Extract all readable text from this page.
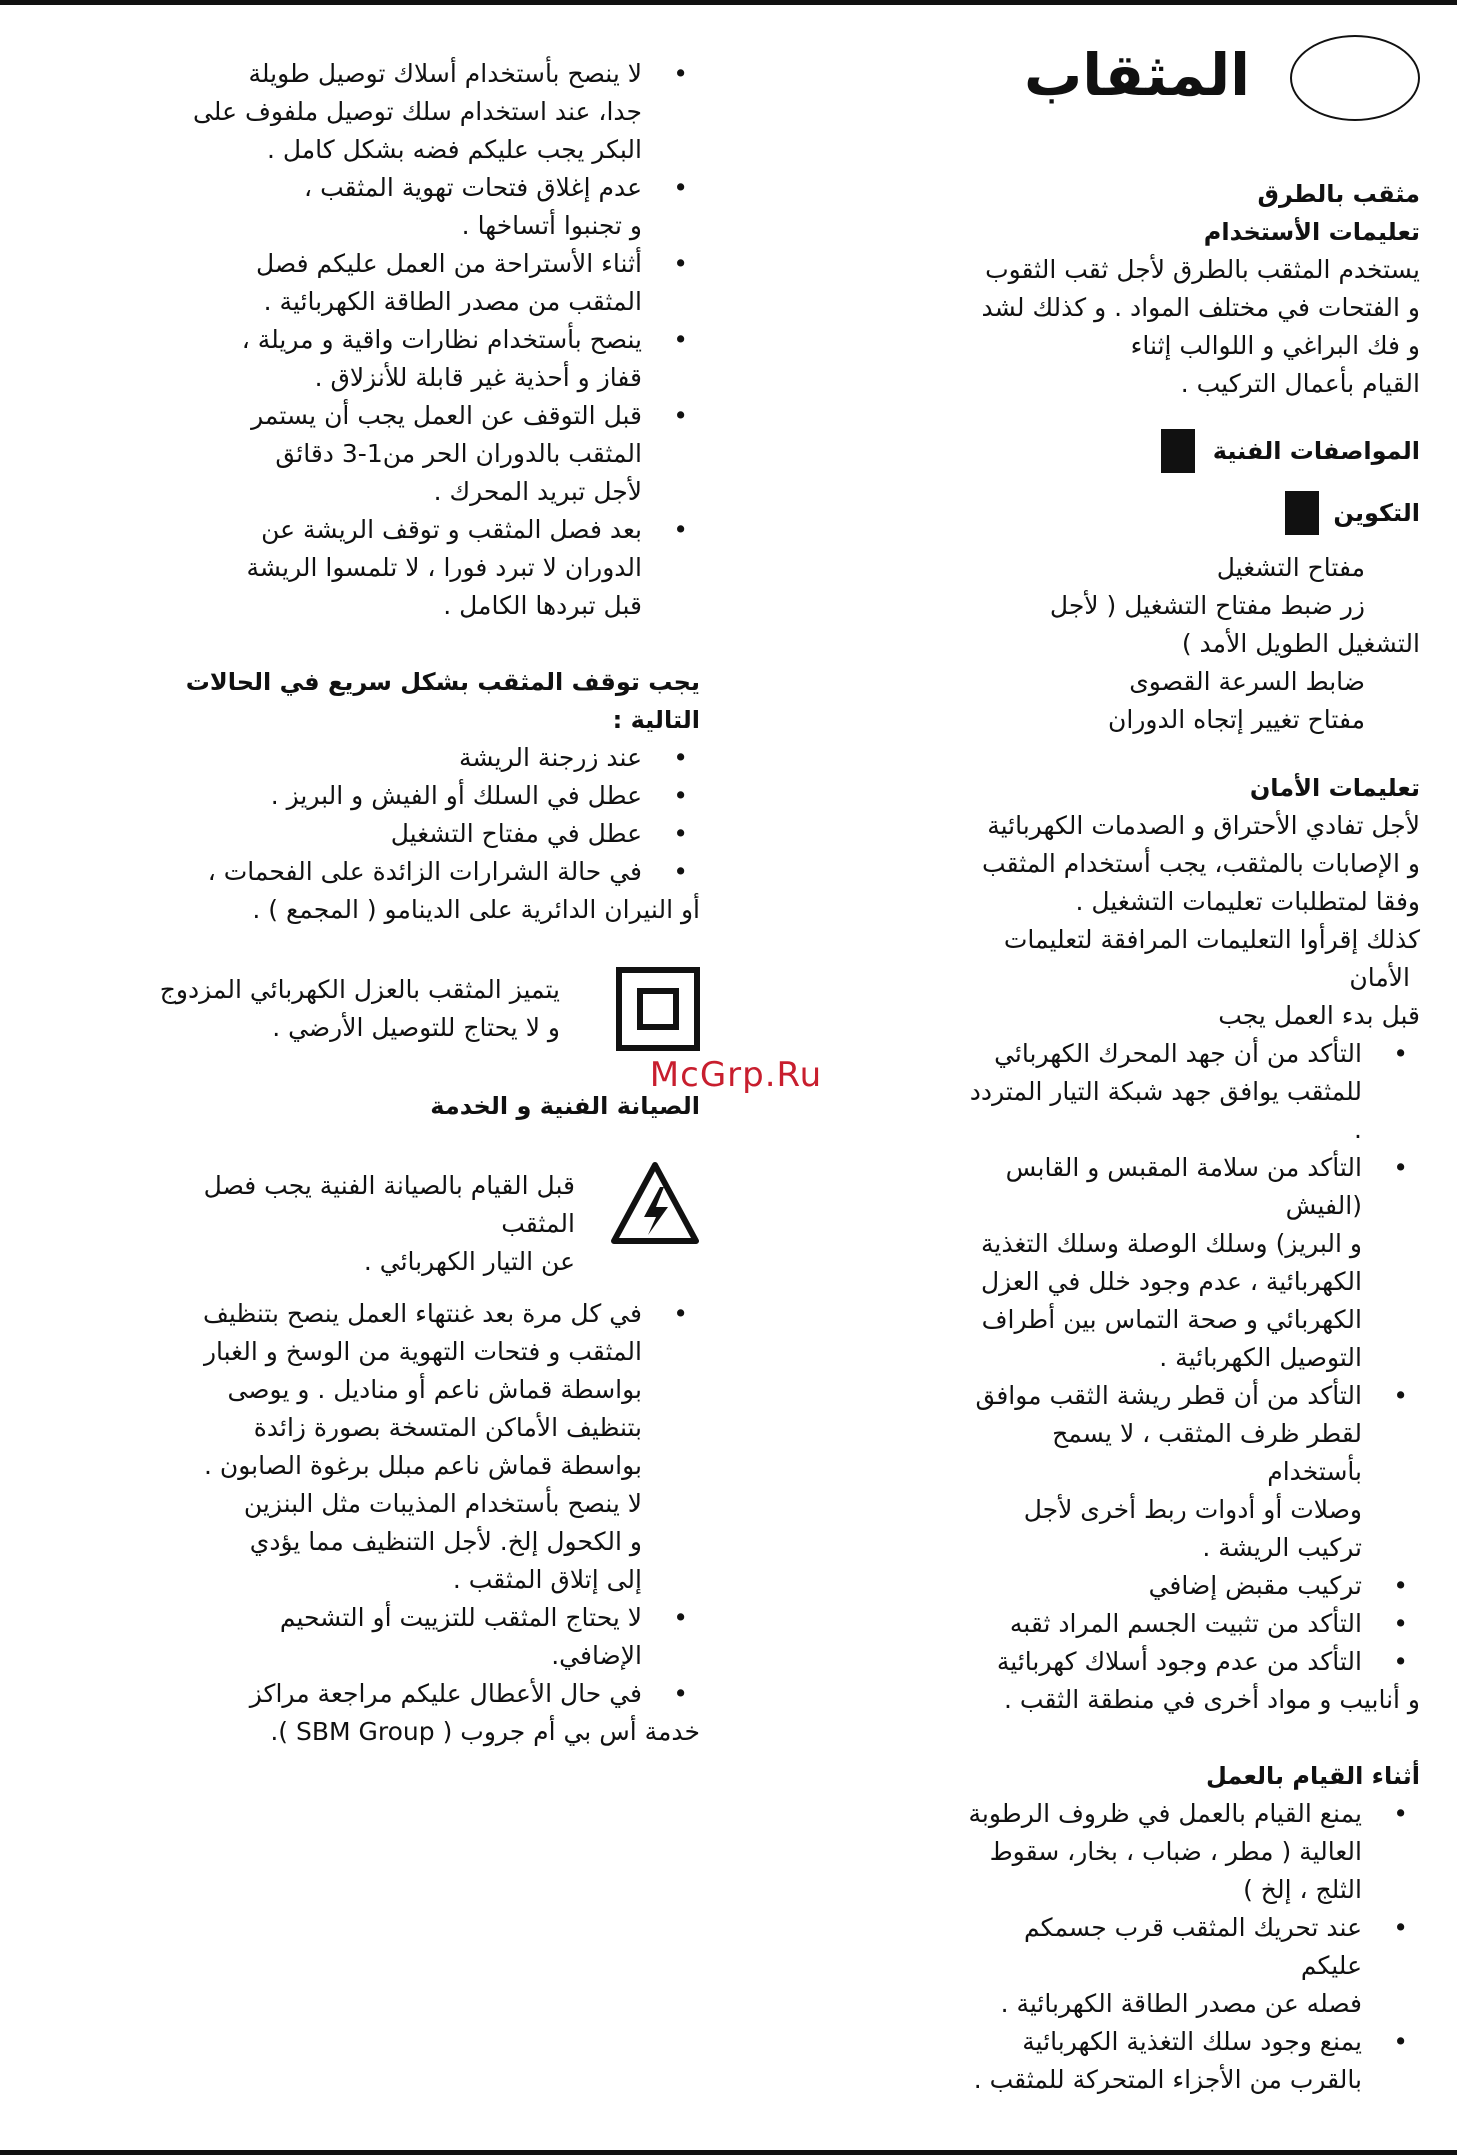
المثقاب

مثقب بالطرق

تعليمات الأستخدام

يستخدم المثقب بالطرق لأجل ثقب الثقوب

و الفتحات في مختلف المواد . و كذلك لشد

و فك البراغي و اللوالب إثناء

القيام بأعمال التركيب .

المواصفات الفنية

التكوين

مفتاح التشغيل

زر ضبط مفتاح التشغيل ( لأجل

التشغيل الطويل الأمد )

ضابط السرعة القصوى

مفتاح تغيير إتجاه الدوران

تعليمات الأمان

لأجل تفادي الأحتراق و الصدمات الكهربائية

و الإصابات بالمثقب، يجب أستخدام المثقب

وفقا لمتطلبات تعليمات التشغيل .

كذلك إقرأوا التعليمات المرافقة لتعليمات

الأمان

قبل بدء العمل يجب

• التأكد من أن جهد المحرك الكهربائي
للمثقب يوافق جهد شبكة التيار المتردد .
• التأكد من سلامة المقبس و القابس (الفيش
و البريز) وسلك الوصلة وسلك التغذية
الكهربائية ، عدم وجود خلل في العزل
الكهربائي و صحة التماس بين أطراف
التوصيل الكهربائية .
• التأكد من أن قطر ريشة الثقب موافق
لقطر ظرف المثقب ، لا يسمح بأستخدام
وصلات أو أدوات ربط أخرى لأجل
تركيب الريشة .
• تركيب مقبض إضافي
• التأكد من تثبيت الجسم المراد ثقبه
• التأكد من عدم وجود أسلاك كهربائية

و أنابيب و مواد أخرى في منطقة الثقب .

أثناء القيام بالعمل

• يمنع القيام بالعمل في ظروف الرطوبة
العالية ( مطر ، ضباب ، بخار، سقوط
الثلج ، إلخ )
• عند تحريك المثقب قرب جسمكم عليكم
فصله عن مصدر الطاقة الكهربائية .
• يمنع وجود سلك التغذية الكهربائية
بالقرب من الأجزاء المتحركة للمثقب .
• لا ينصح بأستخدام أسلاك توصيل طويلة
جدا، عند استخدام سلك توصيل ملفوف على
البكر يجب عليكم فضه بشكل كامل .
• عدم إغلاق فتحات تهوية المثقب ،
و تجنبوا أتساخها .
• أثناء الأستراحة من العمل عليكم فصل
المثقب من مصدر الطاقة الكهربائية .
• ينصح بأستخدام نظارات واقية و مريلة ،
قفاز و أحذية غير قابلة للأنزلاق .
• قبل التوقف عن العمل يجب أن يستمر
المثقب بالدوران الحر من1-3 دقائق
لأجل تبريد المحرك .
• بعد فصل المثقب و توقف الريشة عن
الدوران لا تبرد فورا ، لا تلمسوا الريشة
قبل تبردها الكامل .

يجب توقف المثقب بشكل سريع في الحالات

التالية :

• عند زرجنة الريشة
• عطل في السلك أو الفيش و البريز .
• عطل في مفتاح التشغيل
• في حالة الشرارات الزائدة على الفحمات ،

أو النيران الدائرية على الدينامو ( المجمع ) .

يتميز المثقب بالعزل الكهربائي المزدوج

و لا يحتاج للتوصيل الأرضي .

الصيانة الفنية و الخدمة

قبل القيام بالصيانة الفنية يجب فصل المثقب

عن التيار الكهربائي .

• في كل مرة بعد غنتهاء العمل ينصح بتنظيف
المثقب و فتحات التهوية من الوسخ و الغبار
بواسطة قماش ناعم أو مناديل . و يوصى
بتنظيف الأماكن المتسخة بصورة زائدة
بواسطة قماش ناعم مبلل برغوة الصابون .
لا ينصح بأستخدام المذيبات مثل البنزين
و الكحول إلخ. لأجل التنظيف مما يؤدي
إلى إتلاق المثقب .
• لا يحتاج المثقب للتزييت أو التشحيم
الإضافي.
• في حال الأعطال عليكم مراجعة مراكز
خدمة أس بي أم جروب ( SBM Group ).
McGrp.Ru
